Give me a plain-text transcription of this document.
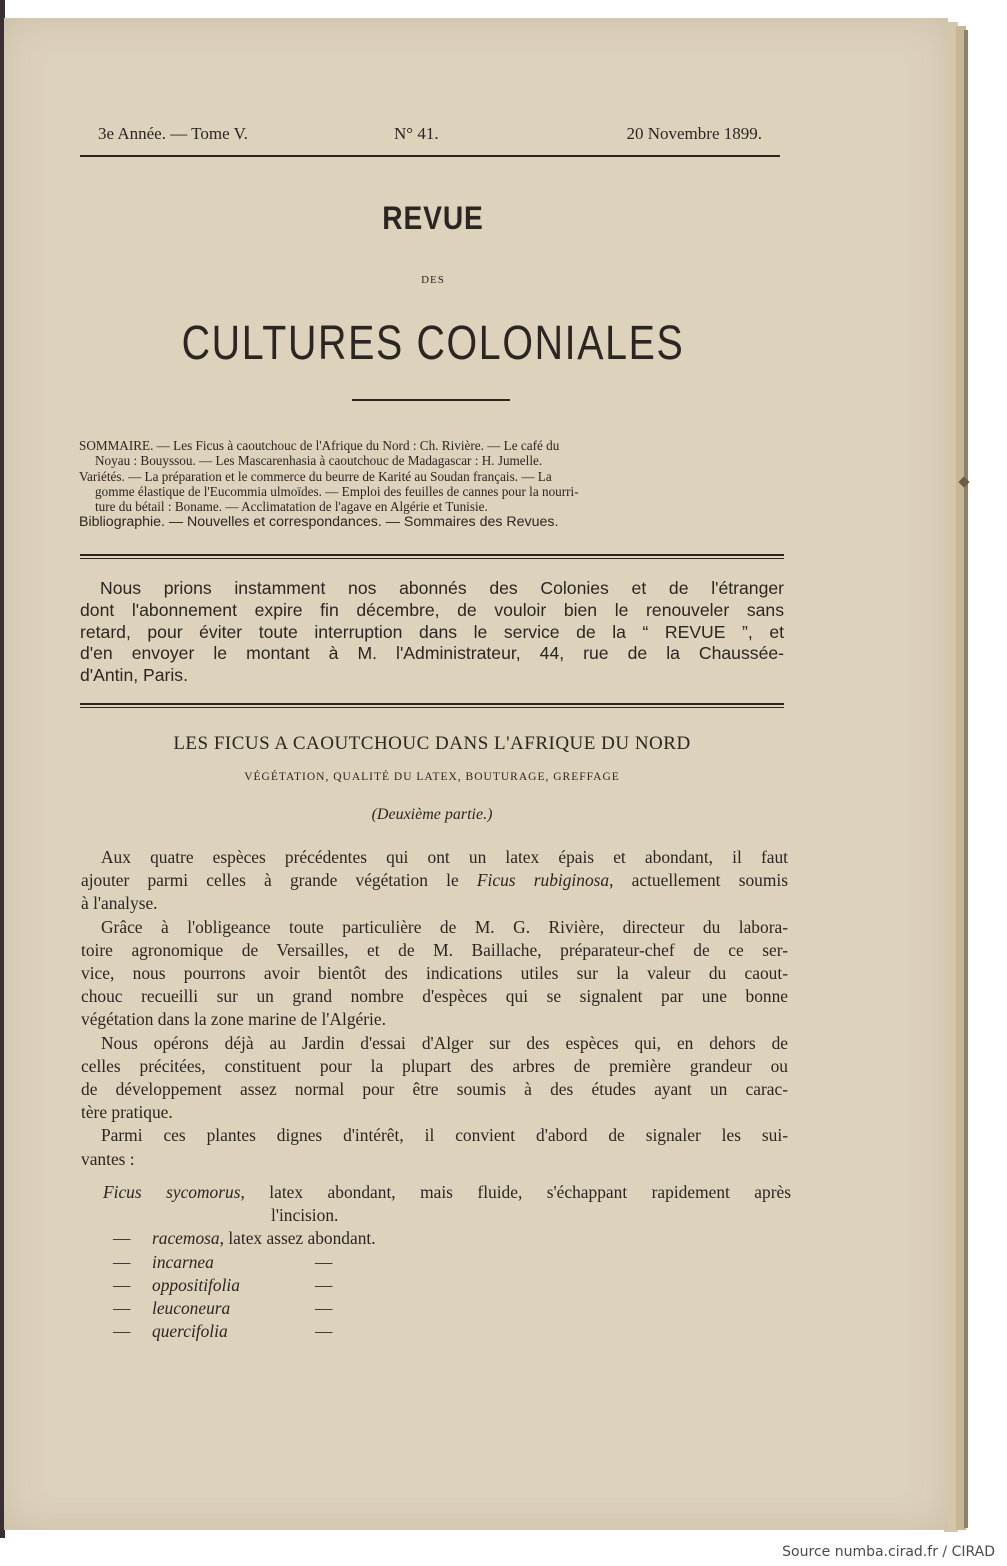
3e Année. — Tome V.	N° 41.	20 Novembre 1899.
REVUE
DES
CULTURES COLONIALES
SOMMAIRE. — Les Ficus à caoutchouc de l'Afrique du Nord : Ch. Rivière. — Le café du
Noyau : Bouyssou. — Les Mascarenhasia à caoutchouc de Madagascar : H. Jumelle.
Variétés. — La préparation et le commerce du beurre de Karité au Soudan français. — La
gomme élastique de l'Eucommia ulmoïdes. — Emploi des feuilles de cannes pour la nourri-
ture du bétail : Boname. — Acclimatation de l'agave en Algérie et Tunisie.
Bibliographie. — Nouvelles et correspondances. — Sommaires des Revues.
Nous prions instamment nos abonnés des Colonies et de l'étranger
dont l'abonnement expire fin décembre, de vouloir bien le renouveler sans
retard, pour éviter toute interruption dans le service de la “ REVUE ”, et
d'en envoyer le montant à M. l'Administrateur, 44, rue de la Chaussée-
d'Antin, Paris.
LES FICUS A CAOUTCHOUC DANS L'AFRIQUE DU NORD
VÉGÉTATION, QUALITÉ DU LATEX, BOUTURAGE, GREFFAGE
(Deuxième partie.)
Aux quatre espèces précédentes qui ont un latex épais et abondant, il faut
ajouter parmi celles à grande végétation le Ficus rubiginosa, actuellement soumis
à l'analyse.
Grâce à l'obligeance toute particulière de M. G. Rivière, directeur du labora-
toire agronomique de Versailles, et de M. Baillache, préparateur-chef de ce ser-
vice, nous pourrons avoir bientôt des indications utiles sur la valeur du caout-
chouc recueilli sur un grand nombre d'espèces qui se signalent par une bonne
végétation dans la zone marine de l'Algérie.
Nous opérons déjà au Jardin d'essai d'Alger sur des espèces qui, en dehors de
celles précitées, constituent pour la plupart des arbres de première grandeur ou
de développement assez normal pour être soumis à des études ayant un carac-
tère pratique.
Parmi ces plantes dignes d'intérêt, il convient d'abord de signaler les sui-
vantes :
Ficus sycomorus, latex abondant, mais fluide, s'échappant rapidement après
l'incision.
— racemosa, latex assez abondant.
— incarnea	—
— oppositifolia	—
— leuconeura	—
— quercifolia	—
Source numba.cirad.fr / CIRAD
